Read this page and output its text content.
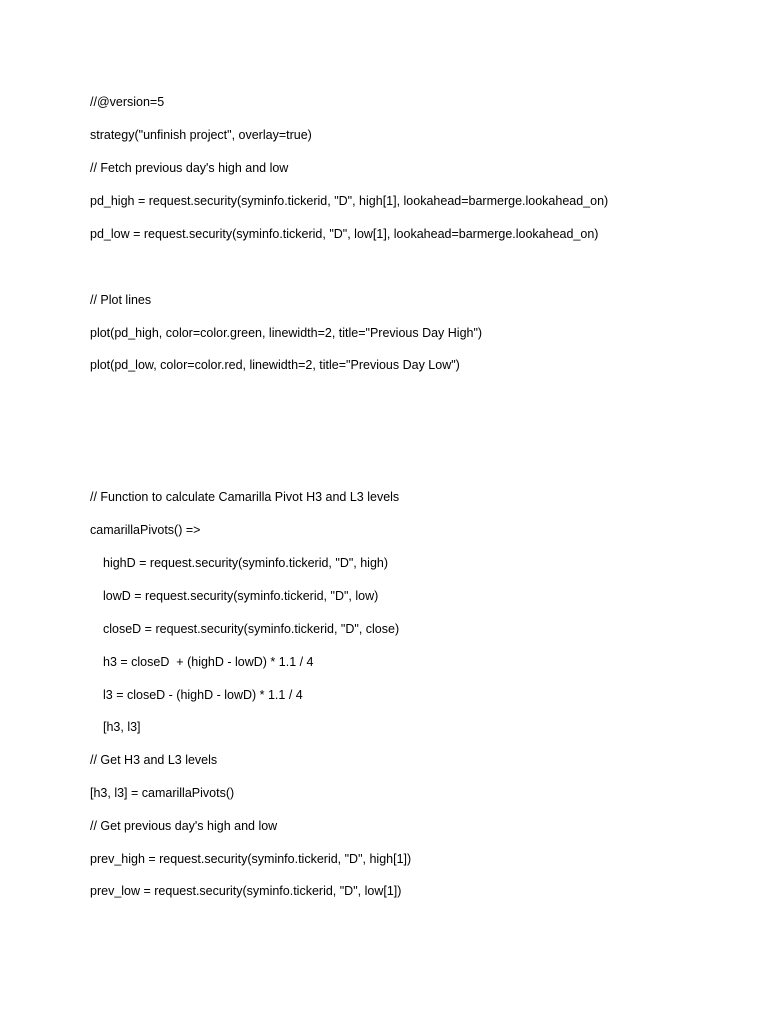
//@version=5
strategy("unfinish project", overlay=true)
// Fetch previous day's high and low
pd_high = request.security(syminfo.tickerid, "D", high[1], lookahead=barmerge.lookahead_on)
pd_low = request.security(syminfo.tickerid, "D", low[1], lookahead=barmerge.lookahead_on)
// Plot lines
plot(pd_high, color=color.green, linewidth=2, title="Previous Day High")
plot(pd_low, color=color.red, linewidth=2, title="Previous Day Low")
// Function to calculate Camarilla Pivot H3 and L3 levels
camarillaPivots() =>
highD = request.security(syminfo.tickerid, "D", high)
lowD = request.security(syminfo.tickerid, "D", low)
closeD = request.security(syminfo.tickerid, "D", close)
h3 = closeD  + (highD - lowD) * 1.1 / 4
l3 = closeD - (highD - lowD) * 1.1 / 4
[h3, l3]
// Get H3 and L3 levels
[h3, l3] = camarillaPivots()
// Get previous day's high and low
prev_high = request.security(syminfo.tickerid, "D", high[1])
prev_low = request.security(syminfo.tickerid, "D", low[1])
